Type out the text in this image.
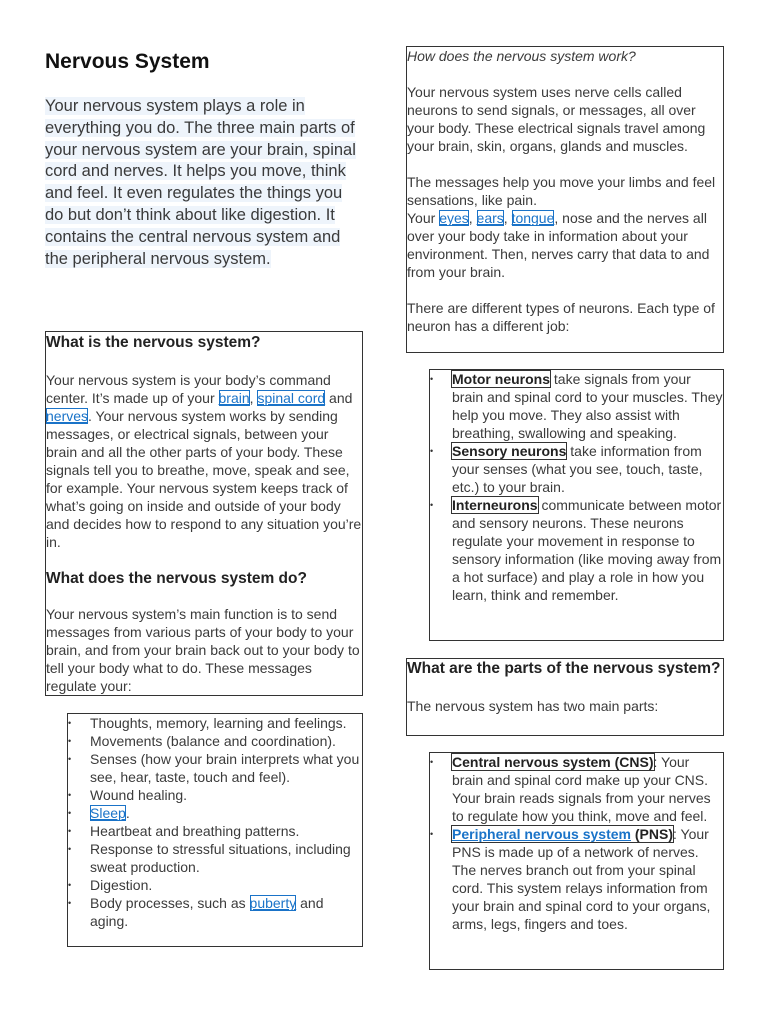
Nervous System

Your nervous system plays a role in everything you do. The three main parts of your nervous system are your brain, spinal cord and nerves. It helps you move, think and feel. It even regulates the things you do but don’t think about like digestion. It contains the central nervous system and the peripheral nervous system.

What is the nervous system?

Your nervous system is your body’s command center. It’s made up of your brain, spinal cord and nerves. Your nervous system works by sending messages, or electrical signals, between your brain and all the other parts of your body. These signals tell you to breathe, move, speak and see, for example. Your nervous system keeps track of what’s going on inside and outside of your body and decides how to respond to any situation you’re in.

What does the nervous system do?

Your nervous system’s main function is to send messages from various parts of your body to your brain, and from your brain back out to your body to tell your body what to do. These messages regulate your:

• Thoughts, memory, learning and feelings.
• Movements (balance and coordination).
• Senses (how your brain interprets what you see, hear, taste, touch and feel).
• Wound healing.
• Sleep.
• Heartbeat and breathing patterns.
• Response to stressful situations, including sweat production.
• Digestion.
• Body processes, such as puberty and aging.

How does the nervous system work?

Your nervous system uses nerve cells called neurons to send signals, or messages, all over your body. These electrical signals travel among your brain, skin, organs, glands and muscles.

The messages help you move your limbs and feel sensations, like pain.

Your eyes, ears, tongue, nose and the nerves all over your body take in information about your environment. Then, nerves carry that data to and from your brain.

There are different types of neurons. Each type of neuron has a different job:

• Motor neurons take signals from your brain and spinal cord to your muscles. They help you move. They also assist with breathing, swallowing and speaking.
• Sensory neurons take information from your senses (what you see, touch, taste, etc.) to your brain.
• Interneurons communicate between motor and sensory neurons. These neurons regulate your movement in response to sensory information (like moving away from a hot surface) and play a role in how you learn, think and remember.
What are the parts of the nervous system?

The nervous system has two main parts:

• Central nervous system (CNS): Your brain and spinal cord make up your CNS. Your brain reads signals from your nerves to regulate how you think, move and feel.
• Peripheral nervous system (PNS): Your PNS is made up of a network of nerves. The nerves branch out from your spinal cord. This system relays information from your brain and spinal cord to your organs, arms, legs, fingers and toes.
